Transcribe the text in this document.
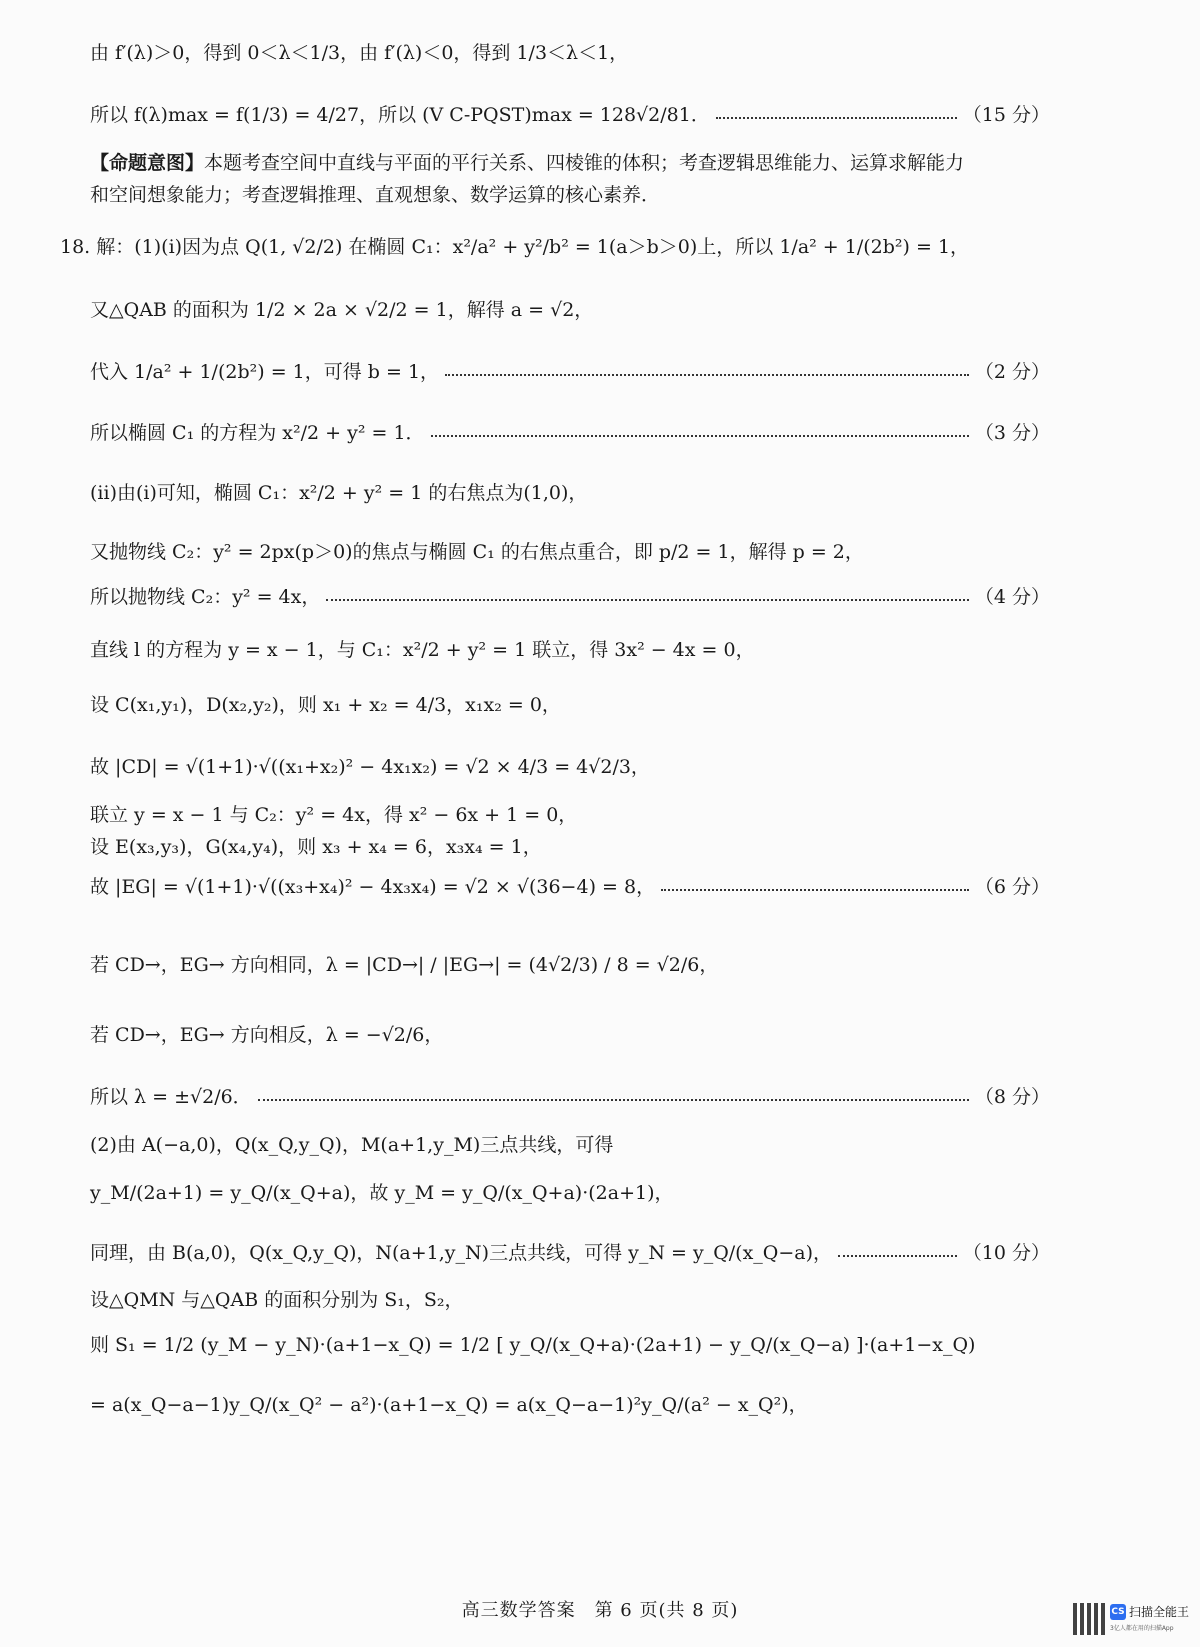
由 f′(λ)＞0，得到 0＜λ＜1/3，由 f′(λ)＜0，得到 1/3＜λ＜1，
所以 f(λ)max = f(1/3) = 4/27，所以 (V C-PQST)max = 128√2/81．	（15 分）
【命题意图】本题考查空间中直线与平面的平行关系、四棱锥的体积；考查逻辑思维能力、运算求解能力
和空间想象能力；考查逻辑推理、直观想象、数学运算的核心素养．
18. 解：(1)(i)因为点 Q(1, √2/2) 在椭圆 C₁：x²/a² + y²/b² = 1(a＞b＞0)上，所以 1/a² + 1/(2b²) = 1，
又△QAB 的面积为 1/2 × 2a × √2/2 = 1，解得 a = √2，
代入 1/a² + 1/(2b²) = 1，可得 b = 1，	（2 分）
所以椭圆 C₁ 的方程为 x²/2 + y² = 1．	（3 分）
(ii)由(i)可知，椭圆 C₁：x²/2 + y² = 1 的右焦点为(1,0)，
又抛物线 C₂：y² = 2px(p＞0)的焦点与椭圆 C₁ 的右焦点重合，即 p/2 = 1，解得 p = 2，
所以抛物线 C₂：y² = 4x，	（4 分）
直线 l 的方程为 y = x − 1，与 C₁：x²/2 + y² = 1 联立，得 3x² − 4x = 0，
设 C(x₁,y₁)，D(x₂,y₂)，则 x₁ + x₂ = 4/3，x₁x₂ = 0，
故 |CD| = √(1+1)·√((x₁+x₂)² − 4x₁x₂) = √2 × 4/3 = 4√2/3，
联立 y = x − 1 与 C₂：y² = 4x，得 x² − 6x + 1 = 0，
设 E(x₃,y₃)，G(x₄,y₄)，则 x₃ + x₄ = 6，x₃x₄ = 1，
故 |EG| = √(1+1)·√((x₃+x₄)² − 4x₃x₄) = √2 × √(36−4) = 8，	（6 分）
若 CD→，EG→ 方向相同，λ = |CD→| / |EG→| = (4√2/3) / 8 = √2/6，
若 CD→，EG→ 方向相反，λ = −√2/6，
所以 λ = ±√2/6．	（8 分）
(2)由 A(−a,0)，Q(x_Q,y_Q)，M(a+1,y_M)三点共线，可得
y_M/(2a+1) = y_Q/(x_Q+a)，故 y_M = y_Q/(x_Q+a)·(2a+1)，
同理，由 B(a,0)，Q(x_Q,y_Q)，N(a+1,y_N)三点共线，可得 y_N = y_Q/(x_Q−a)，	（10 分）
设△QMN 与△QAB 的面积分别为 S₁，S₂，
则 S₁ = 1/2 (y_M − y_N)·(a+1−x_Q) = 1/2 [ y_Q/(x_Q+a)·(2a+1) − y_Q/(x_Q−a) ]·(a+1−x_Q)
= a(x_Q−a−1)y_Q/(x_Q² − a²)·(a+1−x_Q) = a(x_Q−a−1)²y_Q/(a² − x_Q²)，
高三数学答案　第 6 页(共 8 页)	CS 扫描全能王
3亿人都在用的扫描App
